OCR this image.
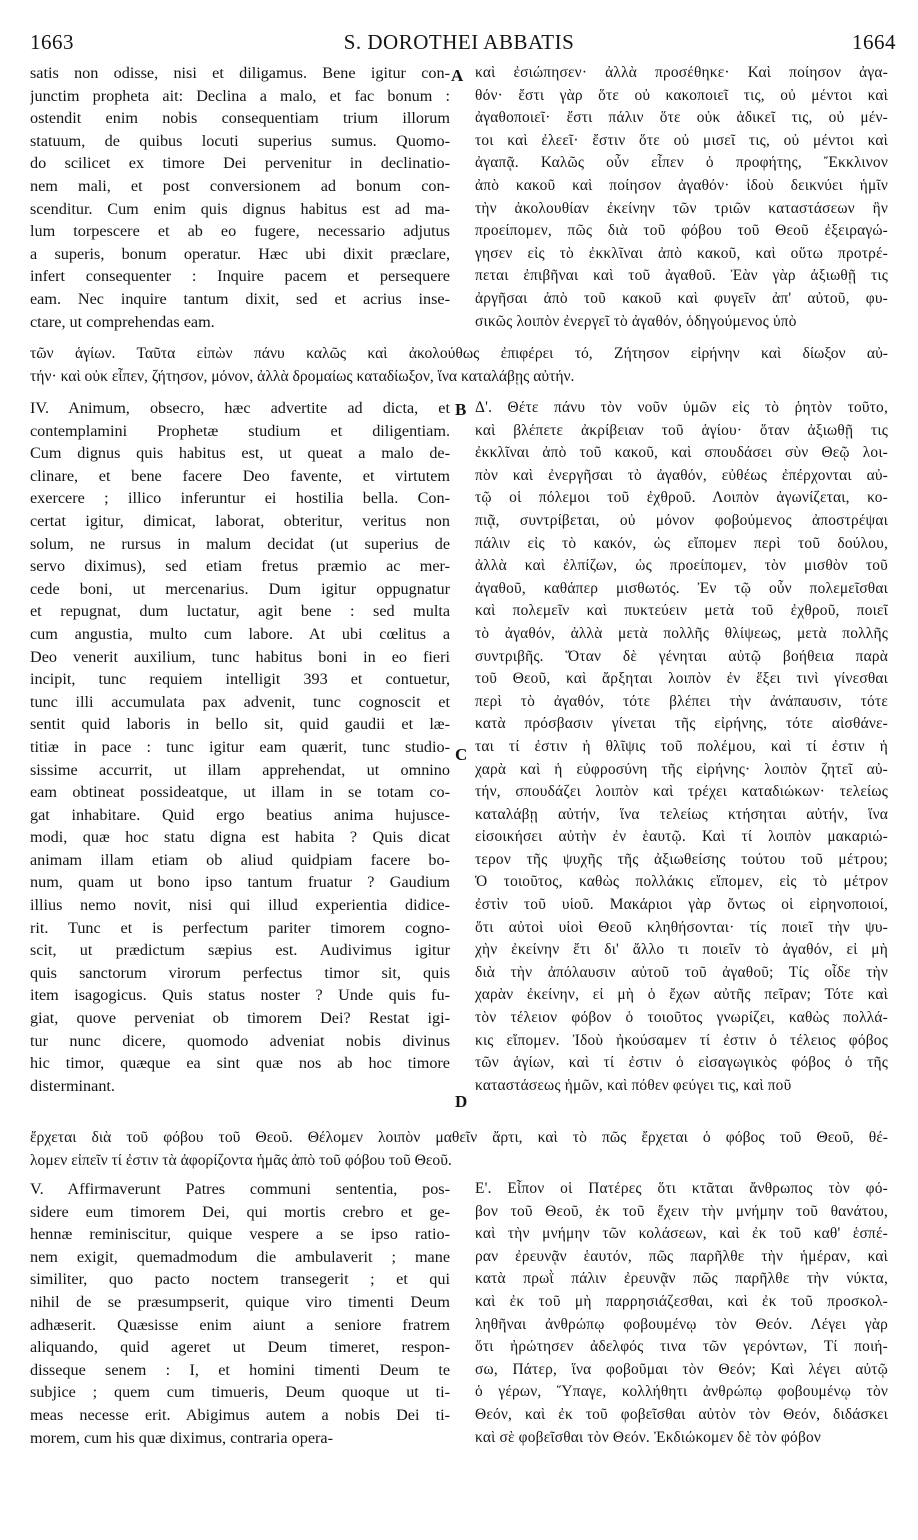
S. DOROTHEI ABBATIS
1663	1664
A
B
C
D
satis non odisse, nisi et diligamus. Bene igitur con-
junctim propheta ait: Declina a malo, et fac bonum :
ostendit enim nobis consequentiam trium illorum
statuum, de quibus locuti superius sumus. Quomo-
do scilicet ex timore Dei pervenitur in declinatio-
nem mali, et post conversionem ad bonum con-
scenditur. Cum enim quis dignus habitus est ad ma-
lum torpescere et ab eo fugere, necessario adjutus
a superis, bonum operatur. Hæc ubi dixit præclare,
infert consequenter : Inquire pacem et persequere
eam. Nec inquire tantum dixit, sed et acrius inse-
ctare, ut comprehendas eam.
καὶ ἐσιώπησεν· ἀλλὰ προσέθηκε· Καὶ ποίησον ἀγα-
θόν· ἔστι γὰρ ὅτε οὐ κακοποιεῖ τις, οὐ μέντοι καὶ
ἀγαθοποιεῖ· ἔστι πάλιν ὅτε οὐκ ἀδικεῖ τις, οὐ μέν-
τοι καὶ ἐλεεῖ· ἔστιν ὅτε οὐ μισεῖ τις, οὐ μέντοι καὶ
ἀγαπᾷ. Καλῶς οὖν εἶπεν ὁ προφήτης, Ἔκκλινον
ἀπὸ κακοῦ καὶ ποίησον ἀγαθόν· ἰδοὺ δεικνύει ἡμῖν
τὴν ἀκολουθίαν ἐκείνην τῶν τριῶν καταστάσεων ἣν
προείπομεν, πῶς διὰ τοῦ φόβου τοῦ Θεοῦ ἐξειραγώ-
γησεν εἰς τὸ ἐκκλῖναι ἀπὸ κακοῦ, καὶ οὕτω προτρέ-
πεται ἐπιβῆναι καὶ τοῦ ἀγαθοῦ. Ἐὰν γὰρ ἀξιωθῇ τις
ἀργῆσαι ἀπὸ τοῦ κακοῦ καὶ φυγεῖν ἀπ' αὐτοῦ, φυ-
σικῶς λοιπὸν ἐνεργεῖ τὸ ἀγαθόν, ὁδηγούμενος ὑπὸ
τῶν ἁγίων. Ταῦτα εἰπὼν πάνυ καλῶς καὶ ἀκολούθως ἐπιφέρει τό, Ζήτησον εἰρήνην καὶ δίωξον αὐ-
τήν· καὶ οὐκ εἶπεν, ζήτησον, μόνον, ἀλλὰ δρομαίως καταδίωξον, ἵνα καταλάβῃς αὐτήν.
IV. Animum, obsecro, hæc advertite ad dicta, et
contemplamini Prophetæ studium et diligentiam.
Cum dignus quis habitus est, ut queat a malo de-
clinare, et bene facere Deo favente, et virtutem
exercere ; illico inferuntur ei hostilia bella. Con-
certat igitur, dimicat, laborat, obteritur, veritus non
solum, ne rursus in malum decidat (ut superius de
servo diximus), sed etiam fretus præmio ac mer-
cede boni, ut mercenarius. Dum igitur oppugnatur
et repugnat, dum luctatur, agit bene : sed multa
cum angustia, multo cum labore. At ubi cœlitus a
Deo venerit auxilium, tunc habitus boni in eo fieri
incipit, tunc requiem intelligit 393 et contuetur,
tunc illi accumulata pax advenit, tunc cognoscit et
sentit quid laboris in bello sit, quid gaudii et læ-
titiæ in pace : tunc igitur eam quærit, tunc studio-
sissime accurrit, ut illam apprehendat, ut omnino
eam obtineat possideatque, ut illam in se totam co-
gat inhabitare. Quid ergo beatius anima hujusce-
modi, quæ hoc statu digna est habita ? Quis dicat
animam illam etiam ob aliud quidpiam facere bo-
num, quam ut bono ipso tantum fruatur ? Gaudium
illius nemo novit, nisi qui illud experientia didice-
rit. Tunc et is perfectum pariter timorem cogno-
scit, ut prædictum sæpius est. Audivimus igitur
quis sanctorum virorum perfectus timor sit, quis
item isagogicus. Quis status noster ? Unde quis fu-
giat, quove perveniat ob timorem Dei? Restat igi-
tur nunc dicere, quomodo adveniat nobis divinus
hic timor, quæque ea sint quæ nos ab hoc timore
disterminant.
Δ'. Θέτε πάνυ τὸν νοῦν ὑμῶν εἰς τὸ ῥητὸν τοῦτο,
καὶ βλέπετε ἀκρίβειαν τοῦ ἁγίου· ὅταν ἀξιωθῇ τις
ἐκκλῖναι ἀπὸ τοῦ κακοῦ, καὶ σπουδάσει σὺν Θεῷ λοι-
πὸν καὶ ἐνεργῆσαι τὸ ἀγαθόν, εὐθέως ἐπέρχονται αὐ-
τῷ οἱ πόλεμοι τοῦ ἐχθροῦ. Λοιπὸν ἀγωνίζεται, κο-
πιᾷ, συντρίβεται, οὐ μόνον φοβούμενος ἀποστρέψαι
πάλιν εἰς τὸ κακόν, ὡς εἴπομεν περὶ τοῦ δούλου,
ἀλλὰ καὶ ἐλπίζων, ὡς προείπομεν, τὸν μισθὸν τοῦ
ἀγαθοῦ, καθάπερ μισθωτός. Ἐν τῷ οὖν πολεμεῖσθαι
καὶ πολεμεῖν καὶ πυκτεύειν μετὰ τοῦ ἐχθροῦ, ποιεῖ
τὸ ἀγαθόν, ἀλλὰ μετὰ πολλῆς θλίψεως, μετὰ πολλῆς
συντριβῆς. Ὅταν δὲ γένηται αὐτῷ βοήθεια παρὰ
τοῦ Θεοῦ, καὶ ἄρξηται λοιπὸν ἐν ἕξει τινὶ γίνεσθαι
περὶ τὸ ἀγαθόν, τότε βλέπει τὴν ἀνάπαυσιν, τότε
κατὰ πρόσβασιν γίνεται τῆς εἰρήνης, τότε αἰσθάνε-
ται τί ἐστιν ἡ θλῖψις τοῦ πολέμου, καὶ τί ἐστιν ἡ
χαρὰ καὶ ἡ εὐφροσύνη τῆς εἰρήνης· λοιπὸν ζητεῖ αὐ-
τήν, σπουδάζει λοιπὸν καὶ τρέχει καταδιώκων· τελείως
καταλάβῃ αὐτήν, ἵνα τελείως κτήσηται αὐτήν, ἵνα
εἰσοικήσει αὐτὴν ἐν ἑαυτῷ. Καὶ τί λοιπὸν μακαριώ-
τερον τῆς ψυχῆς τῆς ἀξιωθείσης τούτου τοῦ μέτρου;
Ὁ τοιοῦτος, καθὼς πολλάκις εἴπομεν, εἰς τὸ μέτρον
ἐστὶν τοῦ υἱοῦ. Μακάριοι γὰρ ὄντως οἱ εἰρηνοποιοί,
ὅτι αὐτοὶ υἱοὶ Θεοῦ κληθήσονται· τίς ποιεῖ τὴν ψυ-
χὴν ἐκείνην ἔτι δι' ἄλλο τι ποιεῖν τὸ ἀγαθόν, εἰ μὴ
διὰ τὴν ἀπόλαυσιν αὐτοῦ τοῦ ἀγαθοῦ; Τίς οἶδε τὴν
χαρὰν ἐκείνην, εἰ μὴ ὁ ἔχων αὐτῆς πεῖραν; Τότε καὶ
τὸν τέλειον φόβον ὁ τοιοῦτος γνωρίζει, καθὼς πολλά-
κις εἴπομεν. Ἰδοὺ ἠκούσαμεν τί ἐστιν ὁ τέλειος φόβος
τῶν ἁγίων, καὶ τί ἐστιν ὁ εἰσαγωγικὸς φόβος ὁ τῆς
καταστάσεως ἡμῶν, καὶ πόθεν φεύγει τις, καὶ ποῦ
ἔρχεται διὰ τοῦ φόβου τοῦ Θεοῦ. Θέλομεν λοιπὸν μαθεῖν ἄρτι, καὶ τὸ πῶς ἔρχεται ὁ φόβος τοῦ Θεοῦ, θέ-
λομεν εἰπεῖν τί ἐστιν τὰ ἀφορίζοντα ἡμᾶς ἀπὸ τοῦ φόβου τοῦ Θεοῦ.
V. Affirmaverunt Patres communi sententia, pos-
sidere eum timorem Dei, qui mortis crebro et ge-
hennæ reminiscitur, quique vespere a se ipso ratio-
nem exigit, quemadmodum die ambulaverit ; mane
similiter, quo pacto noctem transegerit ; et qui
nihil de se præsumpserit, quique viro timenti Deum
adhæserit. Quæsisse enim aiunt a seniore fratrem
aliquando, quid ageret ut Deum timeret, respon-
disseque senem : I, et homini timenti Deum te
subjice ; quem cum timueris, Deum quoque ut ti-
meas necesse erit. Abigimus autem a nobis Dei ti-
morem, cum his quæ diximus, contraria opera-
Ε'. Εἶπον οἱ Πατέρες ὅτι κτᾶται ἄνθρωπος τὸν φό-
βον τοῦ Θεοῦ, ἐκ τοῦ ἔχειν τὴν μνήμην τοῦ θανάτου,
καὶ τὴν μνήμην τῶν κολάσεων, καὶ ἐκ τοῦ καθ' ἑσπέ-
ραν ἐρευνᾷν ἑαυτόν, πῶς παρῆλθε τὴν ἡμέραν, καὶ
κατὰ πρωῒ πάλιν ἐρευνᾷν πῶς παρῆλθε τὴν νύκτα,
καὶ ἐκ τοῦ μὴ παρρησιάζεσθαι, καὶ ἐκ τοῦ προσκολ-
ληθῆναι ἀνθρώπῳ φοβουμένῳ τὸν Θεόν. Λέγει γὰρ
ὅτι ἠρώτησεν ἀδελφός τινα τῶν γερόντων, Τί ποιή-
σω, Πάτερ, ἵνα φοβοῦμαι τὸν Θεόν; Καὶ λέγει αὐτῷ
ὁ γέρων, Ὕπαγε, κολλήθητι ἀνθρώπῳ φοβουμένῳ τὸν
Θεόν, καὶ ἐκ τοῦ φοβεῖσθαι αὐτὸν τὸν Θεόν, διδάσκει
καὶ σὲ φοβεῖσθαι τὸν Θεόν. Ἐκδιώκομεν δὲ τὸν φόβον
